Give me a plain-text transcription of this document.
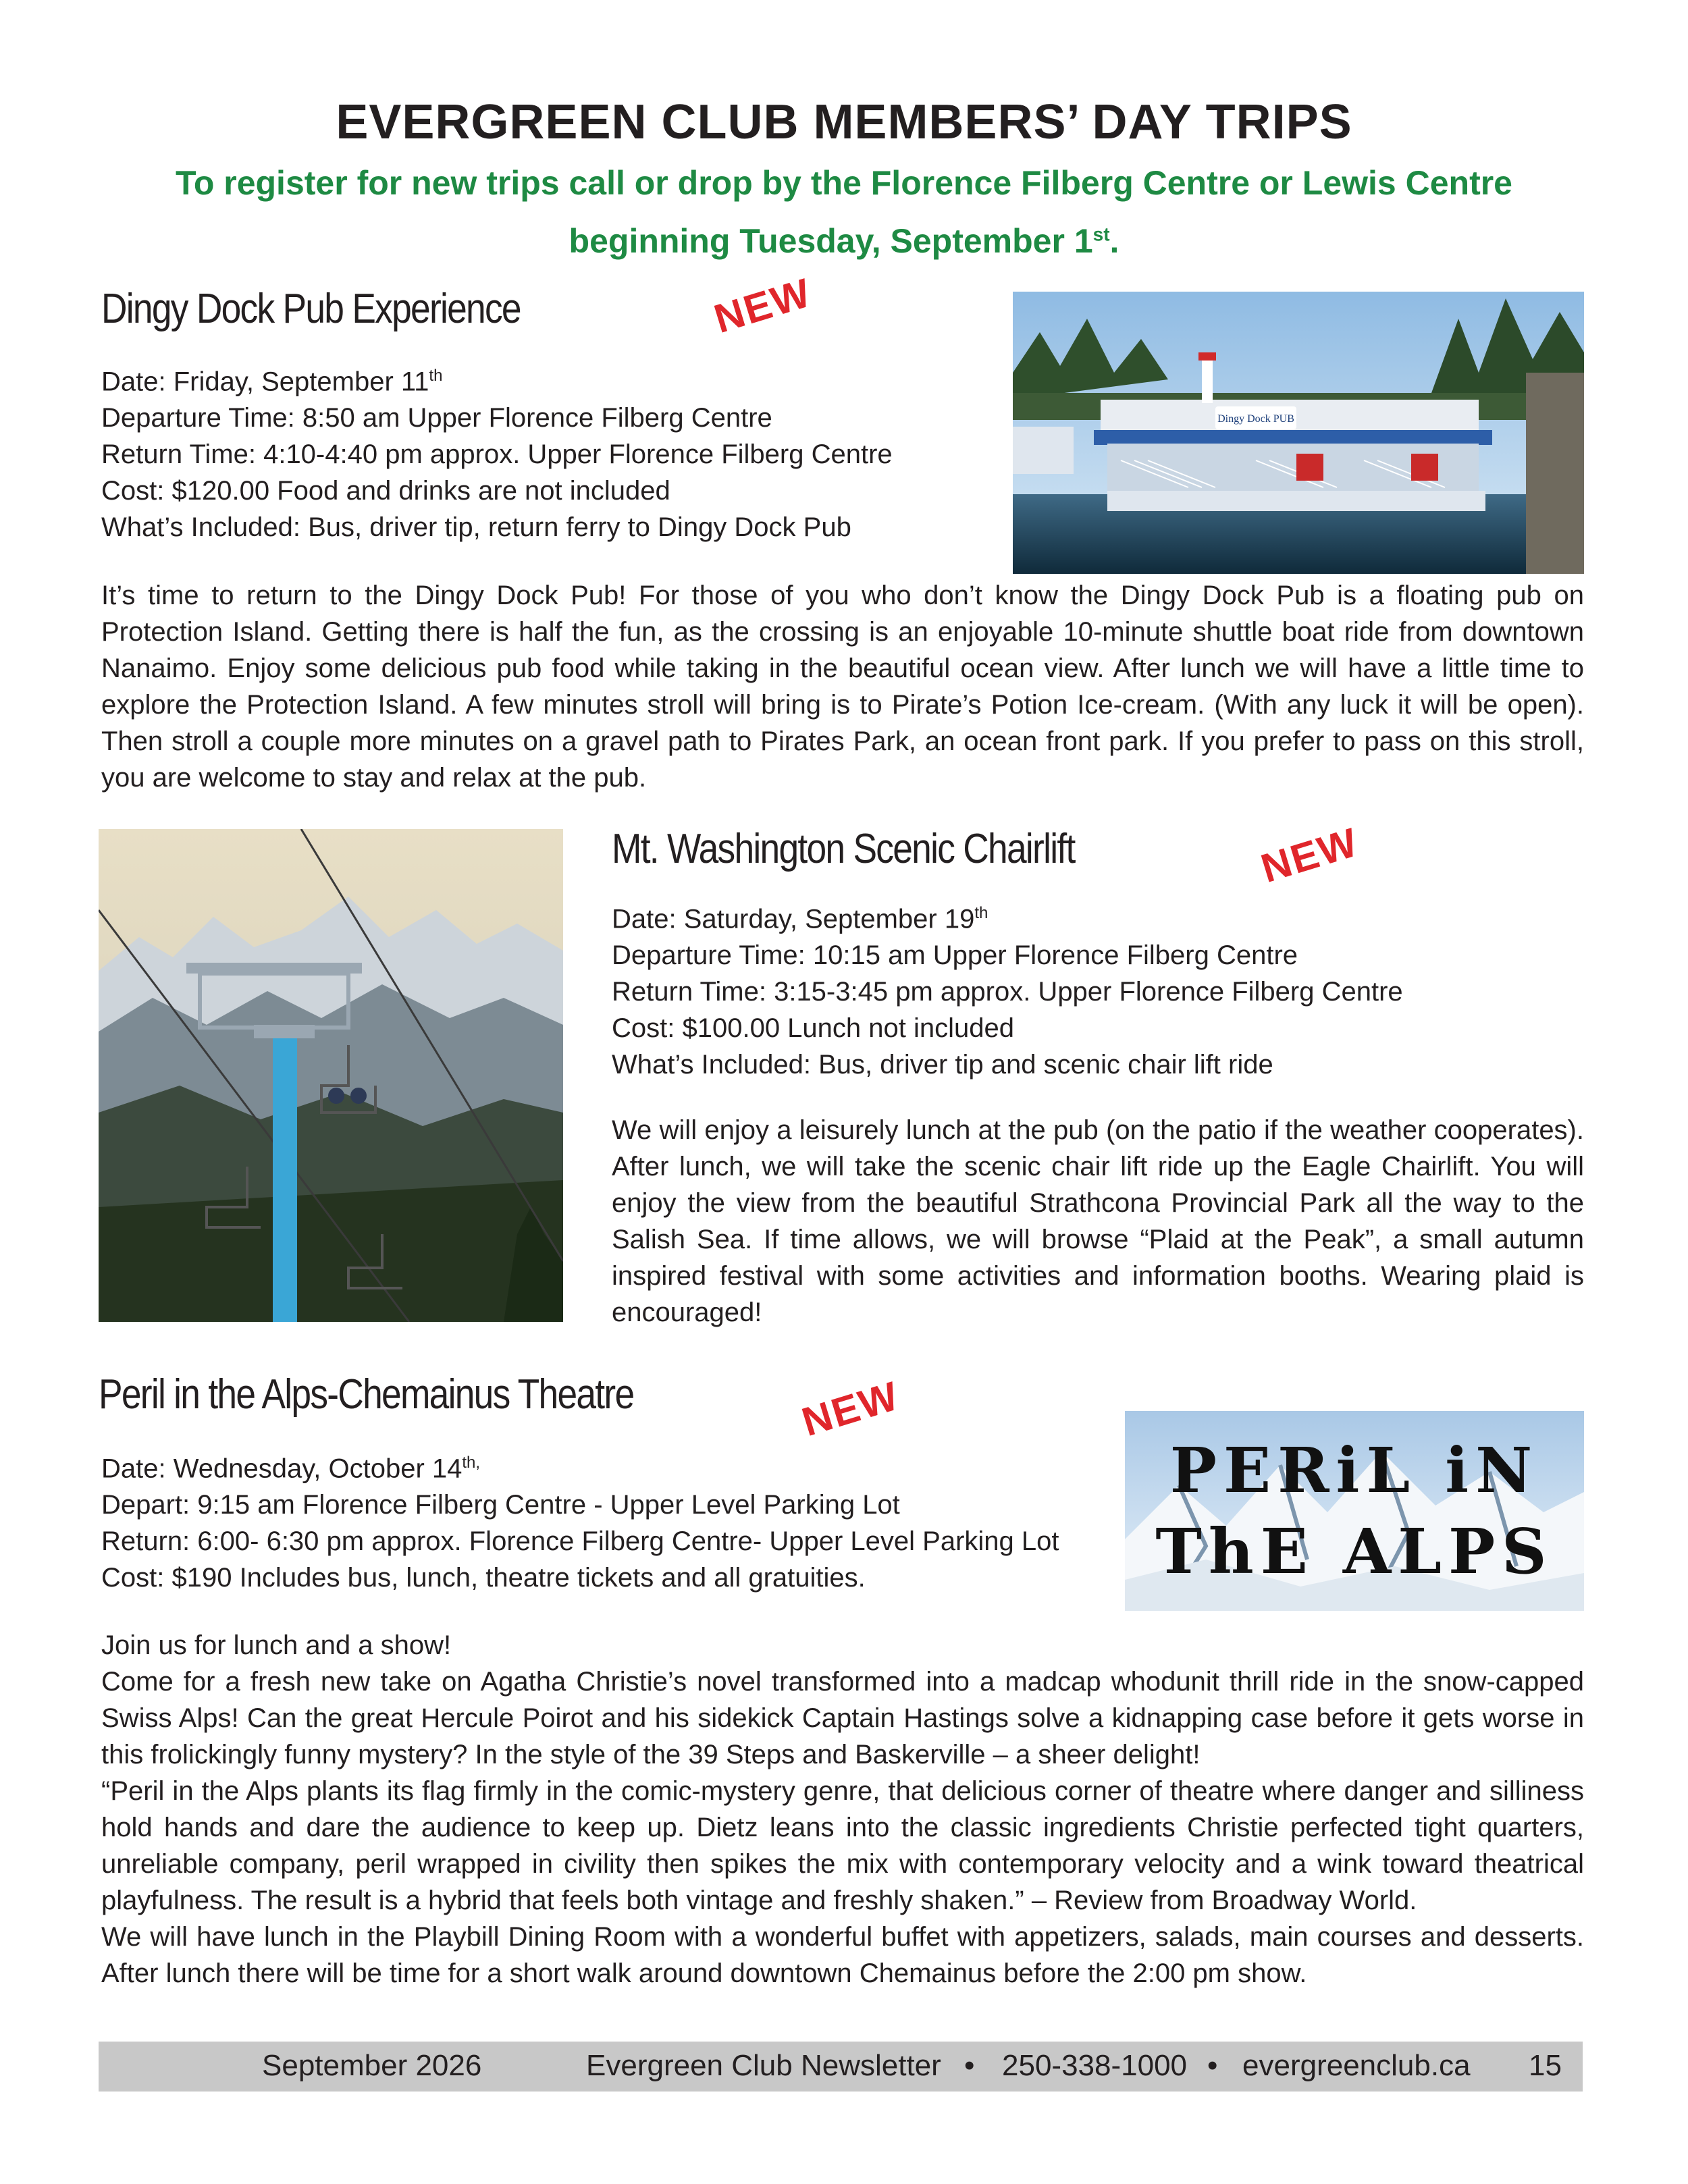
EVERGREEN CLUB MEMBERS’ DAY TRIPS
To register for new trips call or drop by the Florence Filberg Centre or Lewis Centre
beginning Tuesday, September 1st.
Dingy Dock Pub Experience	NEW
Date: Friday, September 11th
Departure Time: 8:50 am Upper Florence Filberg Centre
Return Time: 4:10-4:40 pm approx. Upper Florence Filberg Centre
Cost: $120.00 Food and drinks are not included
What’s Included: Bus, driver tip, return ferry to Dingy Dock Pub
Dingy Dock PUB
It’s time to return to the Dingy Dock Pub! For those of you who don’t know the Dingy Dock Pub is a floating pub on Protection Island. Getting there is half the fun, as the crossing is an enjoyable 10-minute shuttle boat ride from downtown Nanaimo. Enjoy some delicious pub food while taking in the beautiful ocean view. After lunch we will have a little time to explore the Protection Island. A few minutes stroll will bring is to Pirate’s Potion Ice-cream. (With any luck it will be open). Then stroll a couple more minutes on a gravel path to Pirates Park, an ocean front park. If you prefer to pass on this stroll, you are welcome to stay and relax at the pub.
Mt. Washington Scenic Chairlift	NEW
Date: Saturday, September 19th
Departure Time: 10:15 am Upper Florence Filberg Centre
Return Time: 3:15-3:45 pm approx. Upper Florence Filberg Centre
Cost: $100.00 Lunch not included
What’s Included: Bus, driver tip and scenic chair lift ride
We will enjoy a leisurely lunch at the pub (on the patio if the weather cooperates). After lunch, we will take the scenic chair lift ride up the Eagle Chairlift. You will enjoy the view from the beautiful Strathcona Provincial Park all the way to the Salish Sea. If time allows, we will browse “Plaid at the Peak”, a small autumn inspired festival with some activities and information booths. Wearing plaid is encouraged!
Peril in the Alps-Chemainus Theatre	NEW
Date: Wednesday, October $14^{th,}$
Depart: 9:15 am Florence Filberg Centre - Upper Level Parking Lot
Return: 6:00- 6:30 pm approx. Florence Filberg Centre- Upper Level Parking Lot
Cost: $190 Includes bus, lunch, theatre tickets and all gratuities.
PERiL iN
ThE ALPS

Join us for lunch and a show!

Come for a fresh new take on Agatha Christie’s novel transformed into a madcap whodunit thrill ride in the snow-capped Swiss Alps! Can the great Hercule Poirot and his sidekick Captain Hastings solve a kidnapping case before it gets worse in this frolickingly funny mystery? In the style of the 39 Steps and Baskerville – a sheer delight!

“Peril in the Alps plants its flag firmly in the comic-mystery genre, that delicious corner of theatre where danger and silliness hold hands and dare the audience to keep up. Dietz leans into the classic ingredients Christie perfected tight quarters, unreliable company, peril wrapped in civility then spikes the mix with contemporary velocity and a wink toward theatrical playfulness. The result is a hybrid that feels both vintage and freshly shaken.” – Review from Broadway World.

We will have lunch in the Playbill Dining Room with a wonderful buffet with appetizers, salads, main courses and desserts. After lunch there will be time for a short walk around downtown Chemainus before the 2:00 pm show.

September 2026	Evergreen Club Newsletter • 250-338-1000 • evergreenclub.ca 15
